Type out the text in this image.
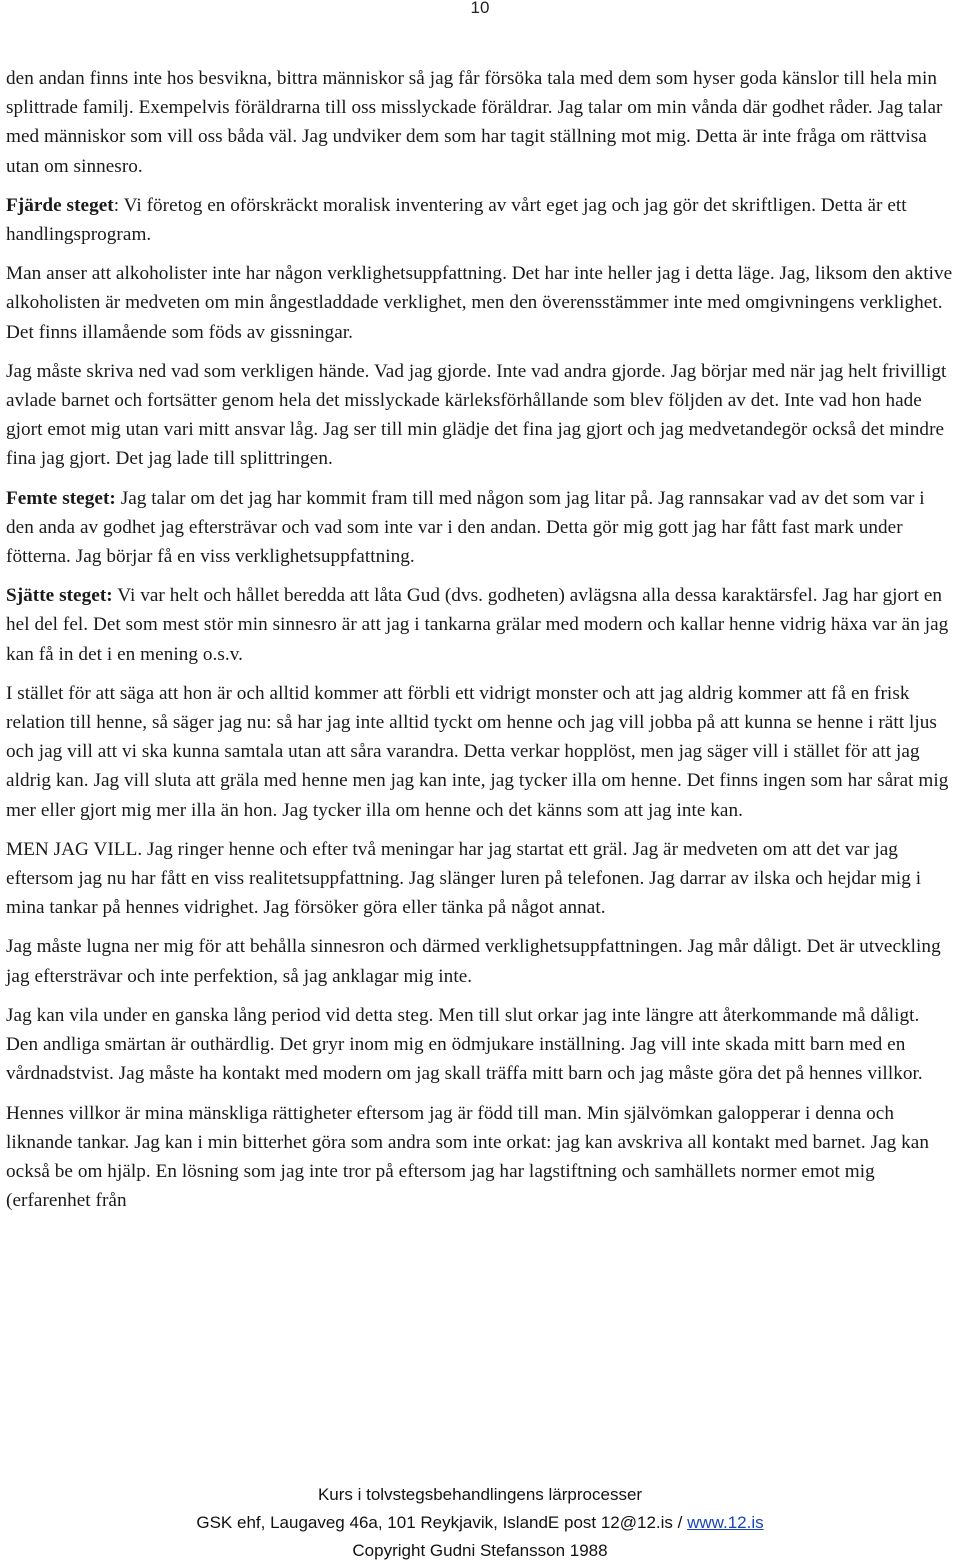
10

den andan finns inte hos besvikna, bittra människor så jag får försöka tala med dem som hyser goda känslor till hela min splittrade familj. Exempelvis föräldrarna till oss misslyckade föräldrar. Jag talar om min vånda där godhet råder. Jag talar med människor som vill oss båda väl. Jag undviker dem som har tagit ställning mot mig. Detta är inte fråga om rättvisa utan om sinnesro.

Fjärde steget: Vi företog en oförskräckt moralisk inventering av vårt eget jag och jag gör det skriftligen. Detta är ett handlingsprogram.

Man anser att alkoholister inte har någon verklighetsuppfattning. Det har inte heller jag i detta läge. Jag, liksom den aktive alkoholisten är medveten om min ångestladdade verklighet, men den överensstämmer inte med omgivningens verklighet. Det finns illamående som föds av gissningar.

Jag måste skriva ned vad som verkligen hände. Vad jag gjorde. Inte vad andra gjorde. Jag börjar med när jag helt frivilligt avlade barnet och fortsätter genom hela det misslyckade kärleksförhållande som blev följden av det. Inte vad hon hade gjort emot mig utan vari mitt ansvar låg. Jag ser till min glädje det fina jag gjort och jag medvetandegör också det mindre fina jag gjort. Det jag lade till splittringen.

Femte steget: Jag talar om det jag har kommit fram till med någon som jag litar på. Jag rannsakar vad av det som var i den anda av godhet jag eftersträvar och vad som inte var i den andan. Detta gör mig gott jag har fått fast mark under fötterna. Jag börjar få en viss verklighetsuppfattning.

Sjätte steget: Vi var helt och hållet beredda att låta Gud (dvs. godheten) avlägsna alla dessa karaktärsfel. Jag har gjort en hel del fel. Det som mest stör min sinnesro är att jag i tankarna grälar med modern och kallar henne vidrig häxa var än jag kan få in det i en mening o.s.v.

I stället för att säga att hon är och alltid kommer att förbli ett vidrigt monster och att jag aldrig kommer att få en frisk relation till henne, så säger jag nu: så har jag inte alltid tyckt om henne och jag vill jobba på att kunna se henne i rätt ljus och jag vill att vi ska kunna samtala utan att såra varandra. Detta verkar hopplöst, men jag säger vill i stället för att jag aldrig kan. Jag vill sluta att gräla med henne men jag kan inte, jag tycker illa om henne. Det finns ingen som har sårat mig mer eller gjort mig mer illa än hon. Jag tycker illa om henne och det känns som att jag inte kan.

MEN JAG VILL. Jag ringer henne och efter två meningar har jag startat ett gräl. Jag är medveten om att det var jag eftersom jag nu har fått en viss realitetsuppfattning. Jag slänger luren på telefonen. Jag darrar av ilska och hejdar mig i mina tankar på hennes vidrighet. Jag försöker göra eller tänka på något annat.

Jag måste lugna ner mig för att behålla sinnesron och därmed verklighetsuppfattningen. Jag mår dåligt. Det är utveckling jag eftersträvar och inte perfektion, så jag anklagar mig inte.

Jag kan vila under en ganska lång period vid detta steg. Men till slut orkar jag inte längre att återkommande må dåligt. Den andliga smärtan är outhärdlig. Det gryr inom mig en ödmjukare inställning. Jag vill inte skada mitt barn med en vårdnadstvist. Jag måste ha kontakt med modern om jag skall träffa mitt barn och jag måste göra det på hennes villkor.

Hennes villkor är mina mänskliga rättigheter eftersom jag är född till man. Min självömkan galopperar i denna och liknande tankar. Jag kan i min bitterhet göra som andra som inte orkat: jag kan avskriva all kontakt med barnet. Jag kan också be om hjälp. En lösning som jag inte tror på eftersom jag har lagstiftning och samhällets normer emot mig (erfarenhet från

Kurs i tolvstegsbehandlingens lärprocesser
GSK ehf, Laugaveg 46a, 101 Reykjavik, IslandE post 12@12.is / www.12.is
Copyright Gudni Stefansson 1988
